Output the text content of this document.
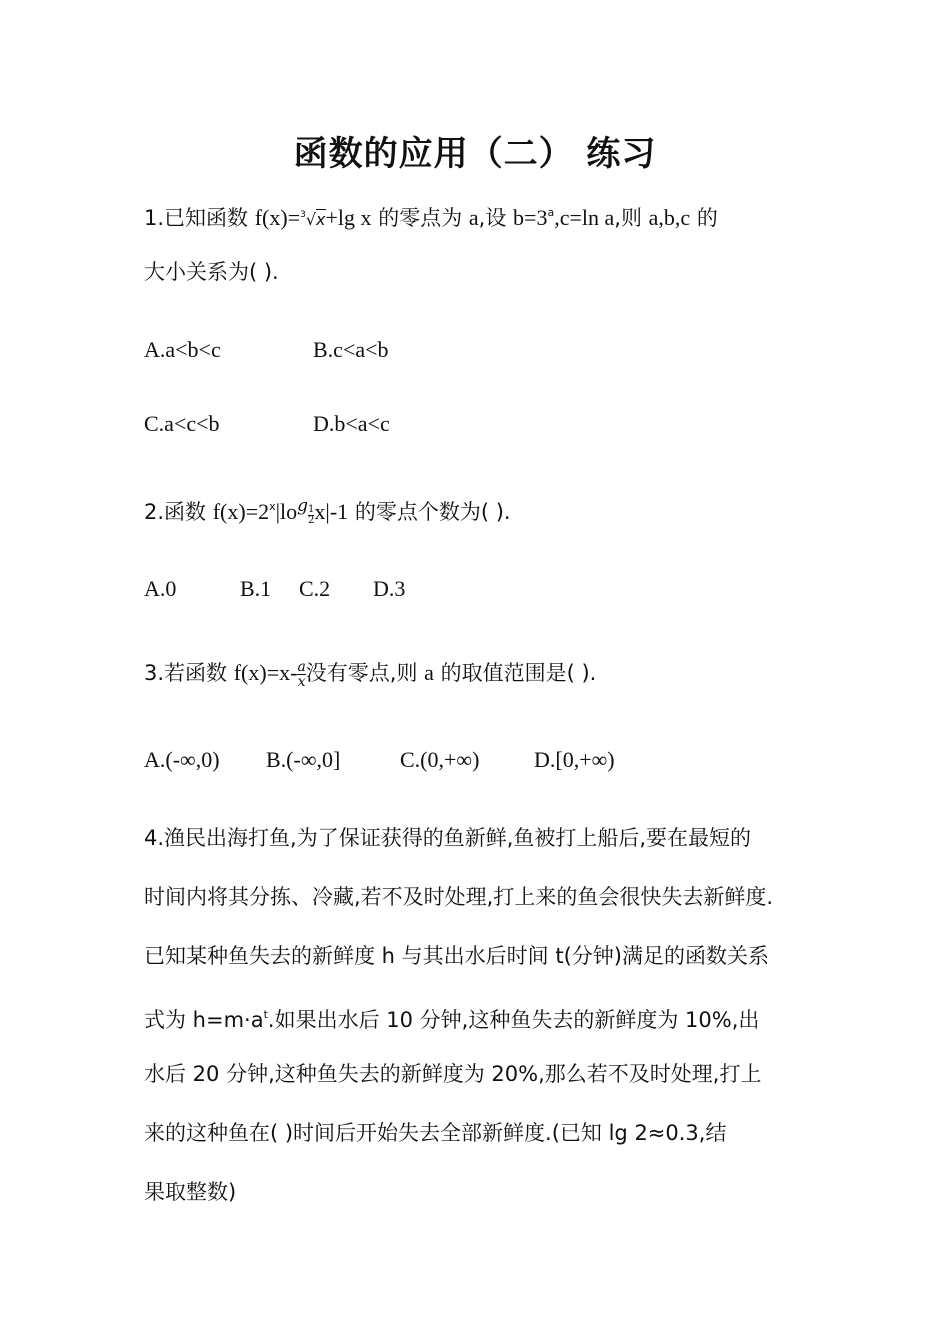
函数的应用（二） 练习
1.已知函数 f(x)=$^3$√x+lg x 的零点为 a,设 $b=3^a,c=\ln$ a,则 a,b,c 的
大小关系为( ).
A.a<b<c	B.c<a<b
C.a<c<b	D.b<a<c
2.函数 $f(x)=2^x|lo^g \frac{1}{2} x|-1$ 的零点个数为( ).
A.0	B.1 C.2 D.3
3.若函数 $f(x)=x- \frac{a}{x}$ 没有零点,则 a 的取值范围是( ).
A.(-∞,0) B.(-∞,0]	C.(0,+∞) D.[0,+∞)
4.渔民出海打鱼,为了保证获得的鱼新鲜,鱼被打上船后,要在最短的
时间内将其分拣、冷藏,若不及时处理,打上来的鱼会很快失去新鲜度.
已知某种鱼失去的新鲜度 h 与其出水后时间 t(分钟)满足的函数关系
式为 $h=m\cdot a^t$.如果出水后 10 分钟,这种鱼失去的新鲜度为 10%,出
水后 20 分钟,这种鱼失去的新鲜度为 20%,那么若不及时处理,打上
来的这种鱼在( )时间后开始失去全部新鲜度.(已知 lg 2≈0.3,结
果取整数)
